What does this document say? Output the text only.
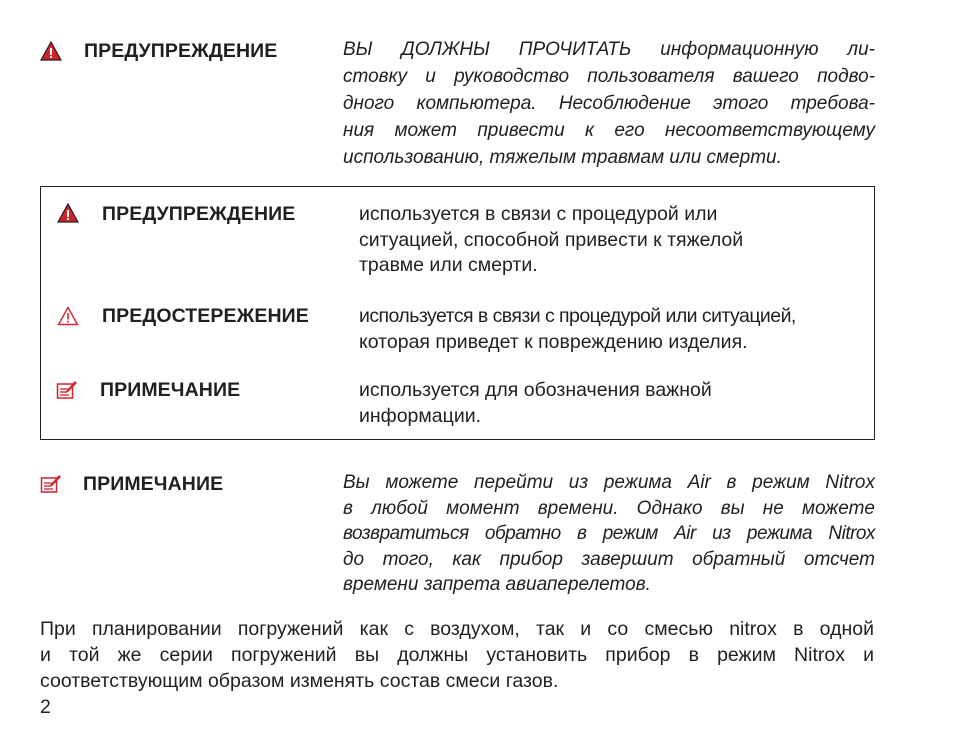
ПРЕДУПРЕЖДЕНИЕ	ВЫ ДОЛЖНЫ ПРОЧИТАТЬ информационную ли-
стовку и руководство пользователя вашего подво-
дного компьютера. Несоблюдение этого требова-
ния может привести к его несоответствующему
использованию, тяжелым травмам или смерти.
ПРЕДУПРЕЖДЕНИЕ	используется в связи с процедурой или
ситуацией, способной привести к тяжелой
травме или смерти.
ПРЕДОСТЕРЕЖЕНИЕ	используется в связи с процедурой или ситуацией,
которая приведет к повреждению изделия.
ПРИМЕЧАНИЕ	используется для обозначения важной
информации.
ПРИМЕЧАНИЕ	Вы можете перейти из режима Air в режим Nitrox
в любой момент времени. Однако вы не можете
возвратиться обратно в режим Air из режима Nitrox
до того, как прибор завершит обратный отсчет
времени запрета авиаперелетов.
При планировании погружений как с воздухом, так и со смесью nitrox в одной
и той же серии погружений вы должны установить прибор в режим Nitrox и
соответствующим образом изменять состав смеси газов.
2
